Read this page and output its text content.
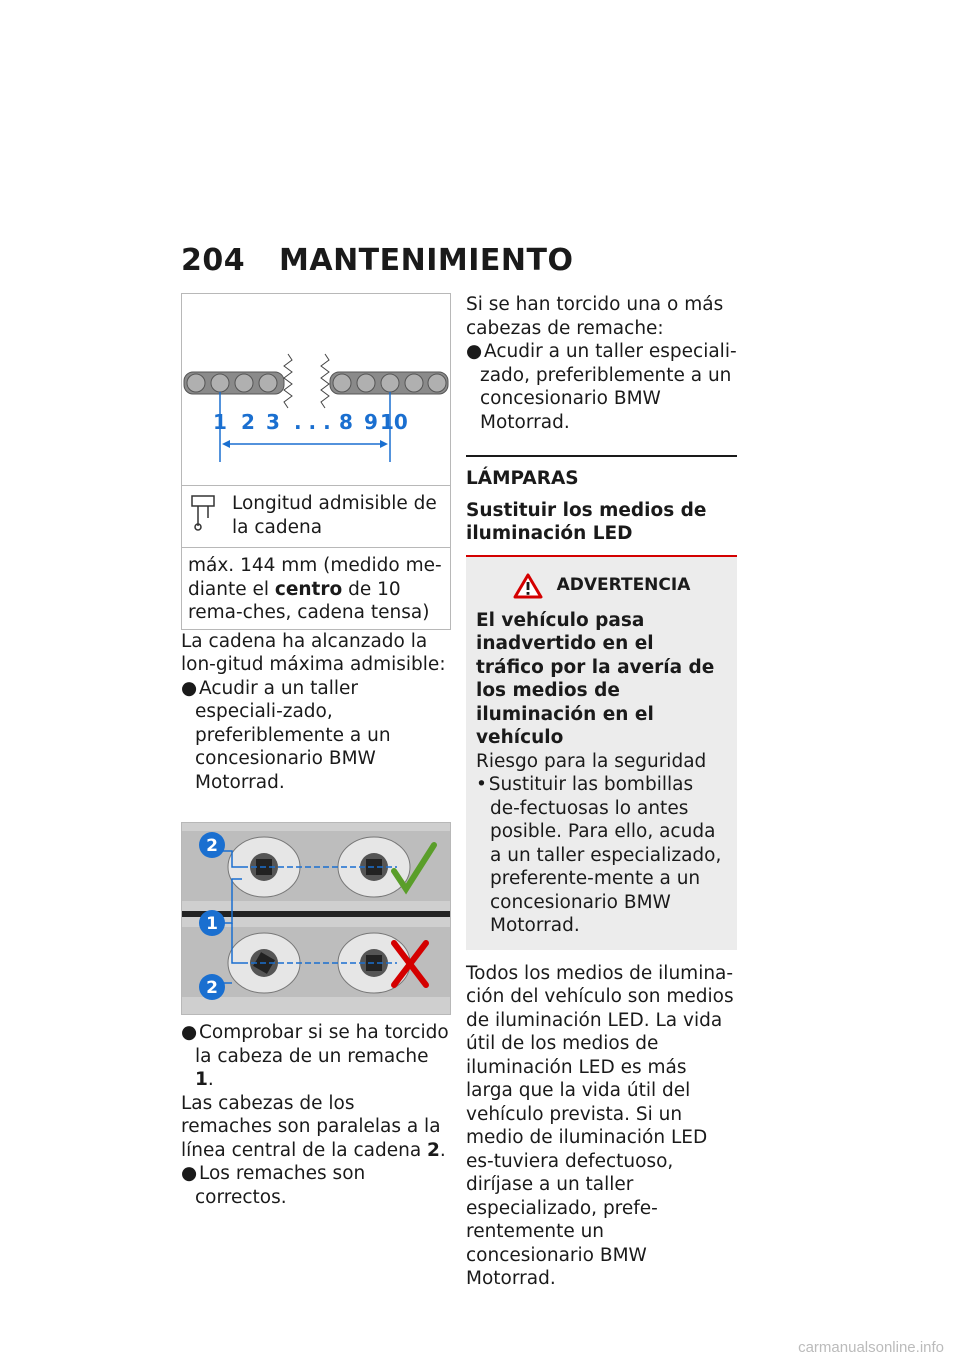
204 MANTENIMIENTO
1 2 3 . . . 8 9 10

Longitud admisible de la cadena

máx. 144 mm (medido me-diante el centro de 10 rema-ches, cadena tensa)

La cadena ha alcanzado la lon-gitud máxima admisible:

● Acudir a un taller especiali-zado, preferiblemente a un concesionario BMW Motorrad.

2
1
2

● Comprobar si se ha torcido la cabeza de un remache 1.

Las cabezas de los remaches son paralelas a la línea central de la cadena 2.

● Los remaches son correctos.

Si se han torcido una o más cabezas de remache:

● Acudir a un taller especiali-zado, preferiblemente a un concesionario BMW Motorrad.

LÁMPARAS
Sustituir los medios de iluminación LED
ADVERTENCIA

El vehículo pasa inadvertido en el tráfico por la avería de los medios de iluminación en el vehículo

Riesgo para la seguridad

• Sustituir las bombillas de-fectuosas lo antes posible. Para ello, acuda a un taller especializado, preferente-mente a un concesionario BMW Motorrad.

Todos los medios de ilumina-ción del vehículo son medios de iluminación LED. La vida útil de los medios de iluminación LED es más larga que la vida útil del vehículo prevista. Si un medio de iluminación LED es-tuviera defectuoso, diríjase a un taller especializado, prefe-rentemente un concesionario BMW Motorrad.

carmanualsonline.info
